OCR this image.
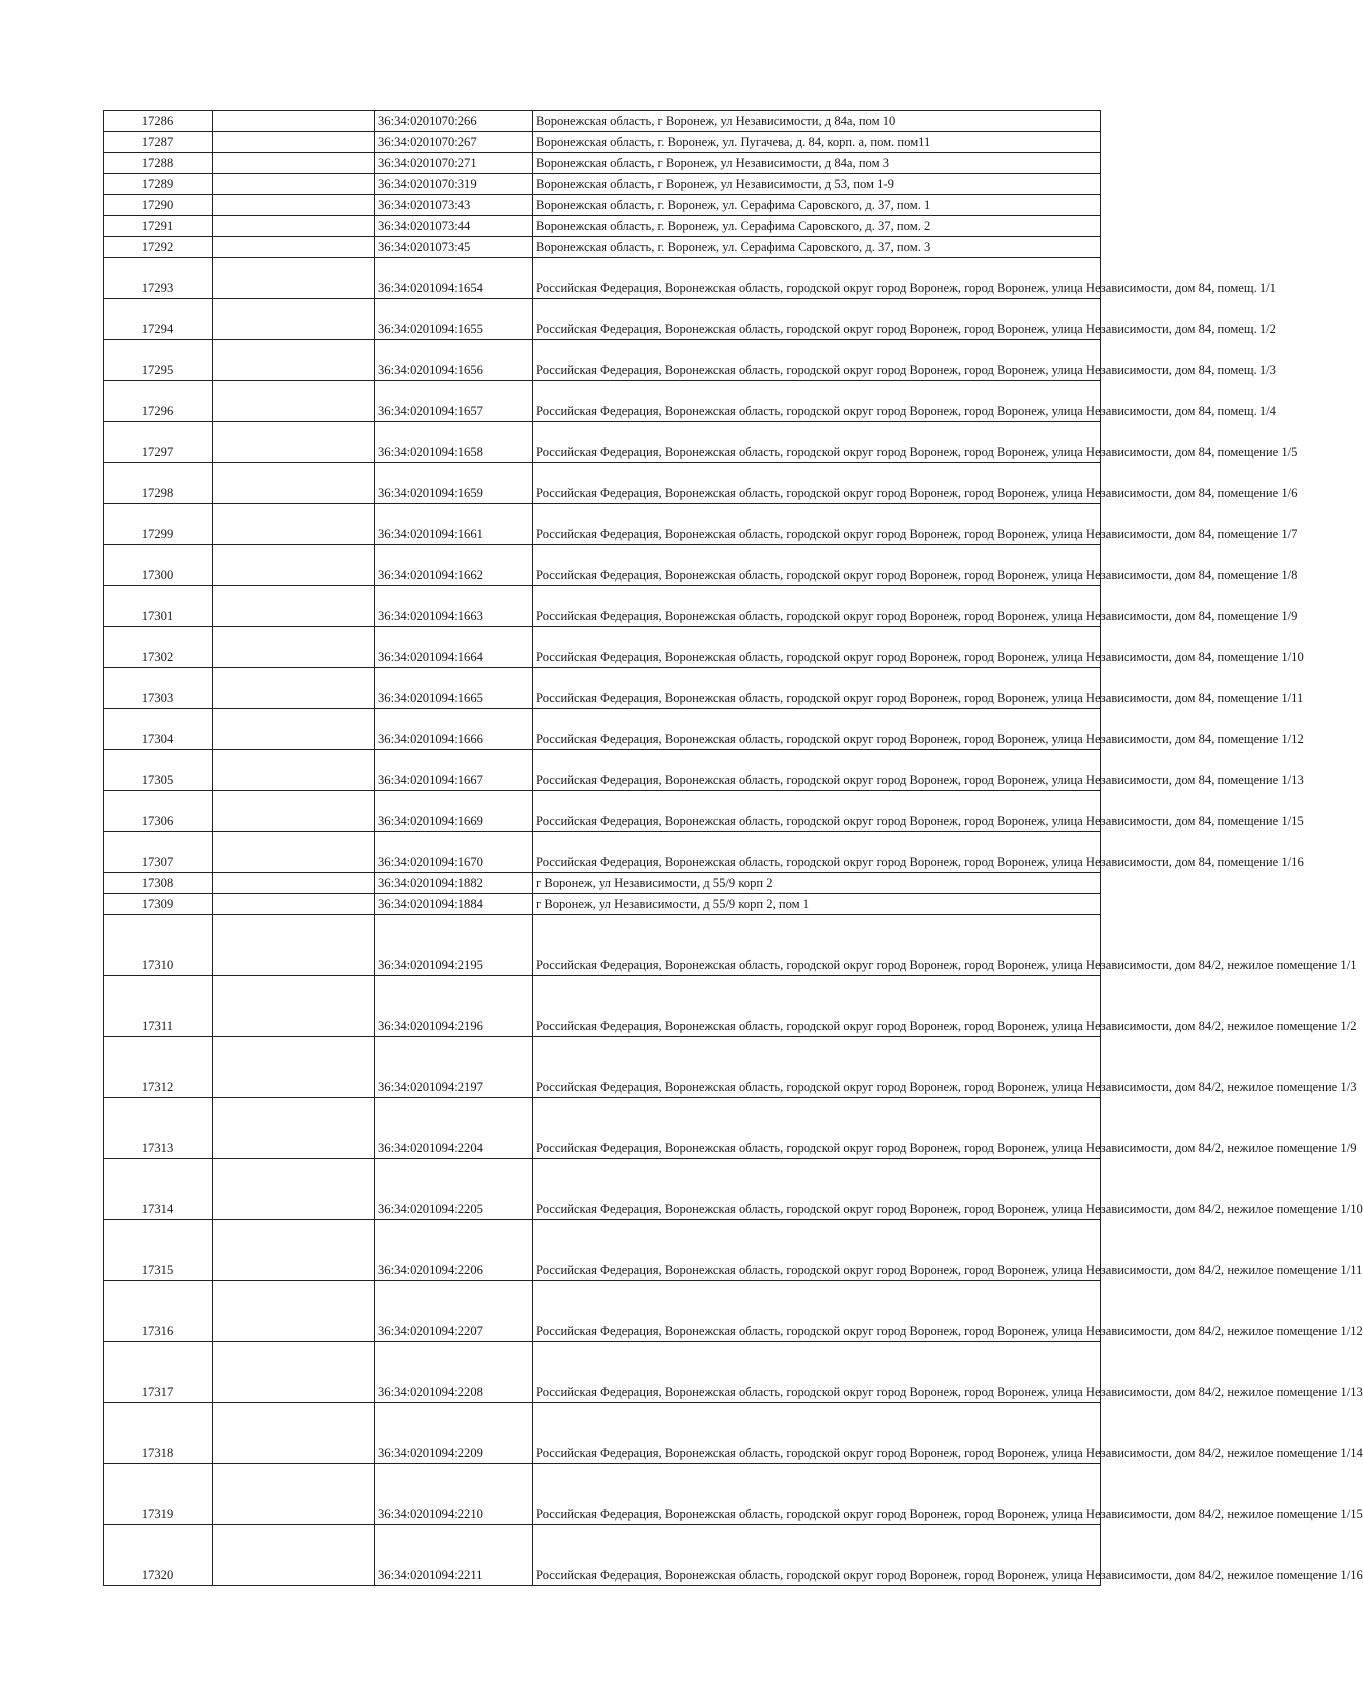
17286		36:34:0201070:266	Воронежская область, г Воронеж, ул Независимости, д 84а, пом 10
17287		36:34:0201070:267	Воронежская область, г. Воронеж, ул. Пугачева, д. 84, корп. а, пом. пом11
17288		36:34:0201070:271	Воронежская область, г Воронеж, ул Независимости, д 84а, пом 3
17289		36:34:0201070:319	Воронежская область, г Воронеж, ул Независимости, д 53, пом 1-9
17290		36:34:0201073:43	Воронежская область, г. Воронеж, ул. Серафима Саровского, д. 37, пом. 1
17291		36:34:0201073:44	Воронежская область, г. Воронеж, ул. Серафима Саровского, д. 37, пом. 2
17292		36:34:0201073:45	Воронежская область, г. Воронеж, ул. Серафима Саровского, д. 37, пом. 3
17293		36:34:0201094:1654	Российская Федерация, Воронежская область, городской округ город Воронеж, город Воронеж, улица Независимости, дом 84, помещ. 1/1
17294		36:34:0201094:1655	Российская Федерация, Воронежская область, городской округ город Воронеж, город Воронеж, улица Независимости, дом 84, помещ. 1/2
17295		36:34:0201094:1656	Российская Федерация, Воронежская область, городской округ город Воронеж, город Воронеж, улица Независимости, дом 84, помещ. 1/3
17296		36:34:0201094:1657	Российская Федерация, Воронежская область, городской округ город Воронеж, город Воронеж, улица Независимости, дом 84, помещ. 1/4
17297		36:34:0201094:1658	Российская Федерация, Воронежская область, городской округ город Воронеж, город Воронеж, улица Независимости, дом 84, помещение 1/5
17298		36:34:0201094:1659	Российская Федерация, Воронежская область, городской округ город Воронеж, город Воронеж, улица Независимости, дом 84, помещение 1/6
17299		36:34:0201094:1661	Российская Федерация, Воронежская область, городской округ город Воронеж, город Воронеж, улица Независимости, дом 84, помещение 1/7
17300		36:34:0201094:1662	Российская Федерация, Воронежская область, городской округ город Воронеж, город Воронеж, улица Независимости, дом 84, помещение 1/8
17301		36:34:0201094:1663	Российская Федерация, Воронежская область, городской округ город Воронеж, город Воронеж, улица Независимости, дом 84, помещение 1/9
17302		36:34:0201094:1664	Российская Федерация, Воронежская область, городской округ город Воронеж, город Воронеж, улица Независимости, дом 84, помещение 1/10
17303		36:34:0201094:1665	Российская Федерация, Воронежская область, городской округ город Воронеж, город Воронеж, улица Независимости, дом 84, помещение 1/11
17304		36:34:0201094:1666	Российская Федерация, Воронежская область, городской округ город Воронеж, город Воронеж, улица Независимости, дом 84, помещение 1/12
17305		36:34:0201094:1667	Российская Федерация, Воронежская область, городской округ город Воронеж, город Воронеж, улица Независимости, дом 84, помещение 1/13
17306		36:34:0201094:1669	Российская Федерация, Воронежская область, городской округ город Воронеж, город Воронеж, улица Независимости, дом 84, помещение 1/15
17307		36:34:0201094:1670	Российская Федерация, Воронежская область, городской округ город Воронеж, город Воронеж, улица Независимости, дом 84, помещение 1/16
17308		36:34:0201094:1882	г Воронеж, ул Независимости, д 55/9 корп 2
17309		36:34:0201094:1884	г Воронеж, ул Независимости, д 55/9 корп 2, пом 1
17310		36:34:0201094:2195	Российская Федерация, Воронежская область, городской округ город Воронеж, город Воронеж, улица Независимости, дом 84/2, нежилое помещение 1/1
17311		36:34:0201094:2196	Российская Федерация, Воронежская область, городской округ город Воронеж, город Воронеж, улица Независимости, дом 84/2, нежилое помещение 1/2
17312		36:34:0201094:2197	Российская Федерация, Воронежская область, городской округ город Воронеж, город Воронеж, улица Независимости, дом 84/2, нежилое помещение 1/3
17313		36:34:0201094:2204	Российская Федерация, Воронежская область, городской округ город Воронеж, город Воронеж, улица Независимости, дом 84/2, нежилое помещение 1/9
17314		36:34:0201094:2205	Российская Федерация, Воронежская область, городской округ город Воронеж, город Воронеж, улица Независимости, дом 84/2, нежилое помещение 1/10
17315		36:34:0201094:2206	Российская Федерация, Воронежская область, городской округ город Воронеж, город Воронеж, улица Независимости, дом 84/2, нежилое помещение 1/11
17316		36:34:0201094:2207	Российская Федерация, Воронежская область, городской округ город Воронеж, город Воронеж, улица Независимости, дом 84/2, нежилое помещение 1/12
17317		36:34:0201094:2208	Российская Федерация, Воронежская область, городской округ город Воронеж, город Воронеж, улица Независимости, дом 84/2, нежилое помещение 1/13
17318		36:34:0201094:2209	Российская Федерация, Воронежская область, городской округ город Воронеж, город Воронеж, улица Независимости, дом 84/2, нежилое помещение 1/14
17319		36:34:0201094:2210	Российская Федерация, Воронежская область, городской округ город Воронеж, город Воронеж, улица Независимости, дом 84/2, нежилое помещение 1/15
17320		36:34:0201094:2211	Российская Федерация, Воронежская область, городской округ город Воронеж, город Воронеж, улица Независимости, дом 84/2, нежилое помещение 1/16
